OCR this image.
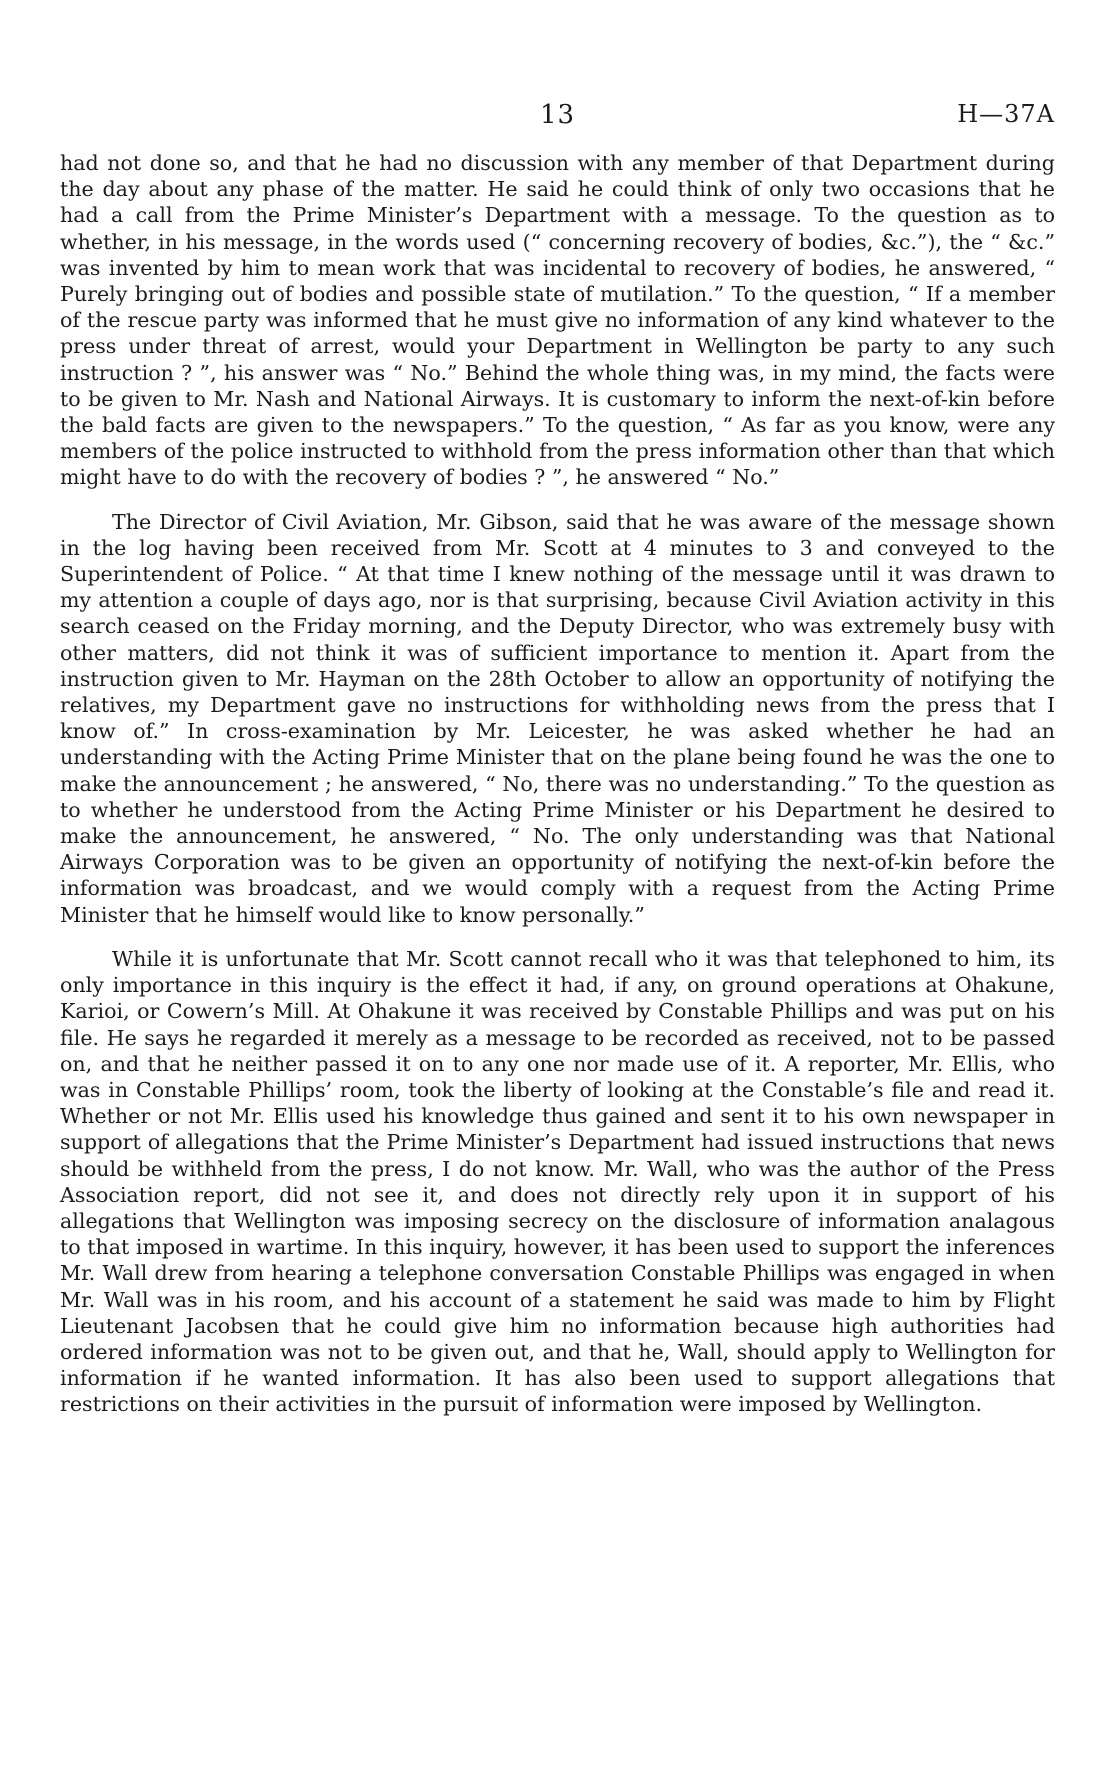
13	H—37A

had not done so, and that he had no discussion with any member of that Department during the day about any phase of the matter. He said he could think of only two occasions that he had a call from the Prime Minister’s Department with a message. To the question as to whether, in his message, in the words used (“ concerning recovery of bodies, &c.”), the “ &c.” was invented by him to mean work that was incidental to recovery of bodies, he answered, “ Purely bringing out of bodies and possible state of mutilation.” To the question, “ If a member of the rescue party was informed that he must give no information of any kind whatever to the press under threat of arrest, would your Department in Wellington be party to any such instruction ? ”, his answer was “ No.” Behind the whole thing was, in my mind, the facts were to be given to Mr. Nash and National Airways. It is customary to inform the next-of-kin before the bald facts are given to the newspapers.” To the question, “ As far as you know, were any members of the police instructed to withhold from the press information other than that which might have to do with the recovery of bodies ? ”, he answered “ No.”

The Director of Civil Aviation, Mr. Gibson, said that he was aware of the message shown in the log having been received from Mr. Scott at 4 minutes to 3 and conveyed to the Superintendent of Police. “ At that time I knew nothing of the message until it was drawn to my attention a couple of days ago, nor is that surprising, because Civil Aviation activity in this search ceased on the Friday morning, and the Deputy Director, who was extremely busy with other matters, did not think it was of sufficient importance to mention it. Apart from the instruction given to Mr. Hayman on the 28th October to allow an opportunity of notifying the relatives, my Department gave no instructions for withholding news from the press that I know of.” In cross-examination by Mr. Leicester, he was asked whether he had an understanding with the Acting Prime Minister that on the plane being found he was the one to make the announcement ; he answered, “ No, there was no understanding.” To the question as to whether he understood from the Acting Prime Minister or his Department he desired to make the announcement, he answered, “ No. The only understanding was that National Airways Corporation was to be given an opportunity of notifying the next-of-kin before the information was broadcast, and we would comply with a request from the Acting Prime Minister that he himself would like to know personally.”

While it is unfortunate that Mr. Scott cannot recall who it was that telephoned to him, its only importance in this inquiry is the effect it had, if any, on ground operations at Ohakune, Karioi, or Cowern’s Mill. At Ohakune it was received by Constable Phillips and was put on his file. He says he regarded it merely as a message to be recorded as received, not to be passed on, and that he neither passed it on to any one nor made use of it. A reporter, Mr. Ellis, who was in Constable Phillips’ room, took the liberty of looking at the Constable’s file and read it. Whether or not Mr. Ellis used his knowledge thus gained and sent it to his own newspaper in support of allegations that the Prime Minister’s Department had issued instructions that news should be withheld from the press, I do not know. Mr. Wall, who was the author of the Press Association report, did not see it, and does not directly rely upon it in support of his allegations that Wellington was imposing secrecy on the disclosure of information analagous to that imposed in wartime. In this inquiry, however, it has been used to support the inferences Mr. Wall drew from hearing a telephone conversation Constable Phillips was engaged in when Mr. Wall was in his room, and his account of a statement he said was made to him by Flight Lieutenant Jacobsen that he could give him no information because high authorities had ordered information was not to be given out, and that he, Wall, should apply to Wellington for information if he wanted information. It has also been used to support allegations that restrictions on their activities in the pursuit of information were imposed by Wellington.
